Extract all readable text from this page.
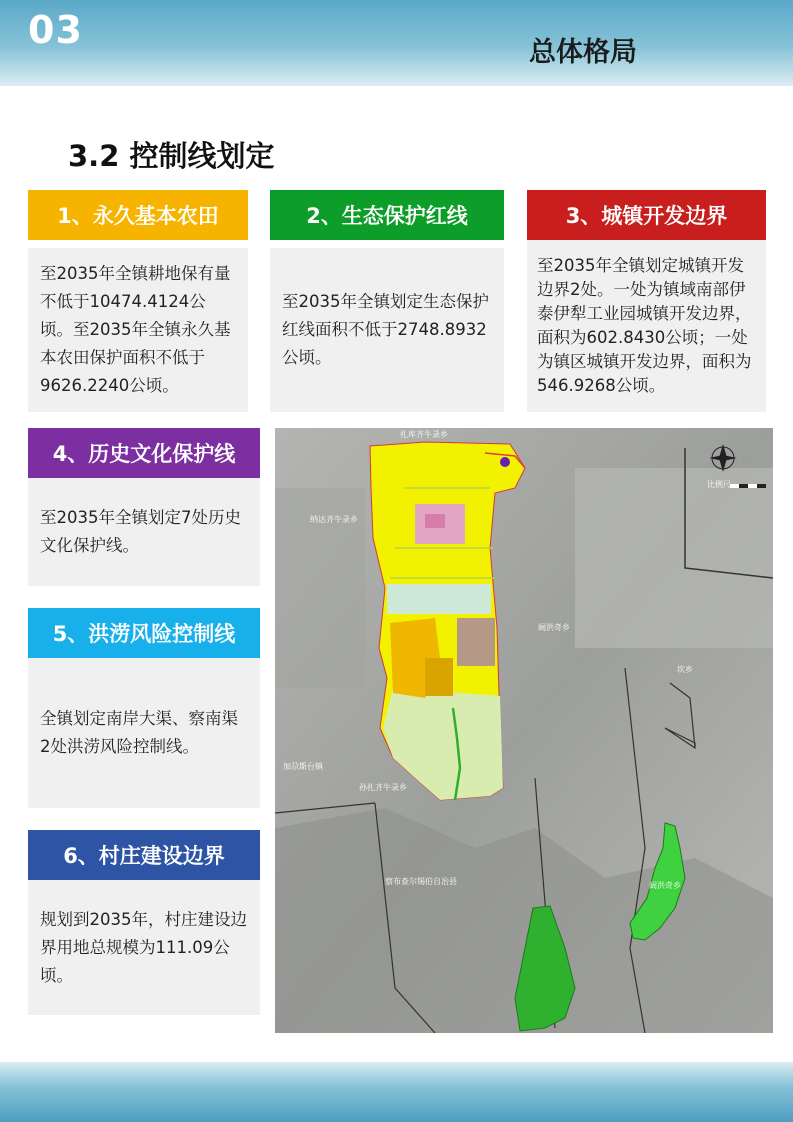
03
总体格局
3.2 控制线划定
1、永久基本农田
至2035年全镇耕地保有量不低于10474.4124公顷。至2035年全镇永久基本农田保护面积不低于9626.2240公顷。
2、生态保护红线
至2035年全镇划定生态保护红线面积不低于2748.8932公顷。
3、城镇开发边界
至2035年全镇划定城镇开发边界2处。一处为镇域南部伊泰伊犁工业园城镇开发边界，面积为602.8430公顷；一处为镇区城镇开发边界，面积为546.9268公顷。
4、历史文化保护线
至2035年全镇划定7处历史文化保护线。
5、洪涝风险控制线
全镇划定南岸大渠、察南渠2处洪涝风险控制线。
6、村庄建设边界
规划到2035年，村庄建设边界用地总规模为111.09公顷。
比例尺
扎库齐牛录乡
纳达齐牛录乡
阔洪奇乡
坎乡
加尕斯台镇
孙扎齐牛录乡
察布查尔锡伯自治县	阔洪奇乡
